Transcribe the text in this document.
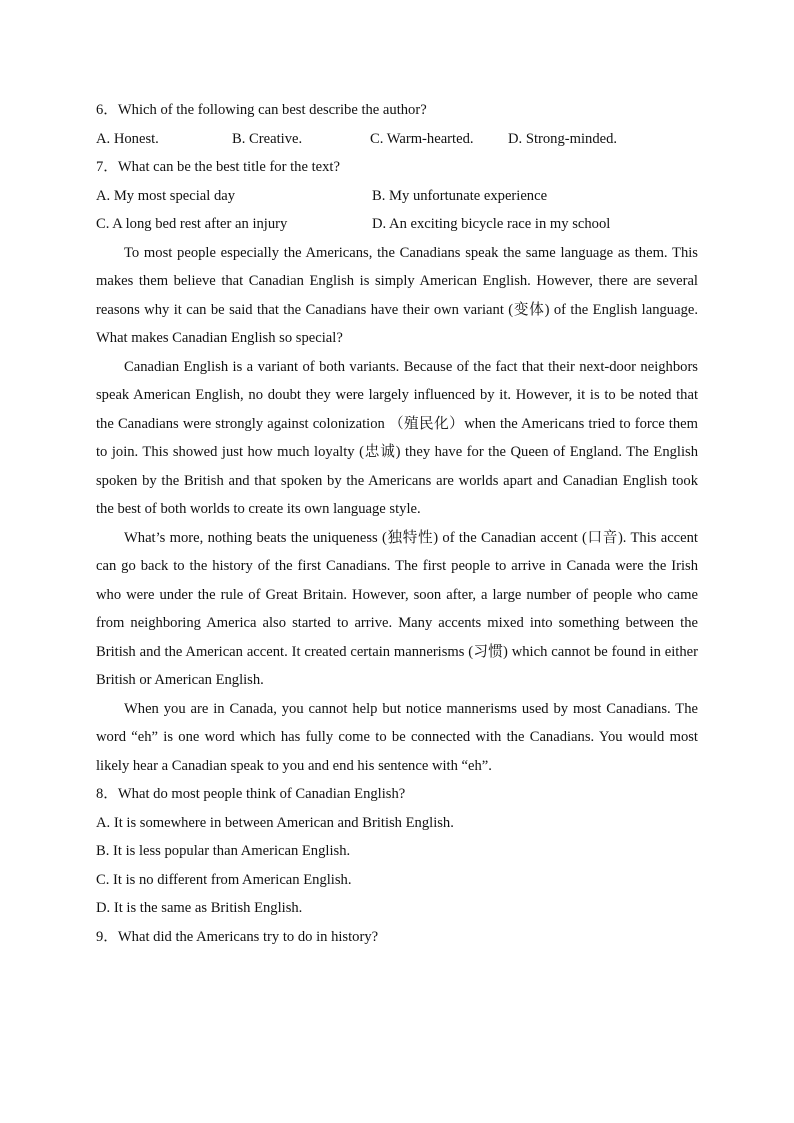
6．Which of the following can best describe the author?
A. Honest.	B. Creative.	C. Warm-hearted.	D. Strong-minded.
7．What can be the best title for the text?
A. My most special day	B. My unfortunate experience
C. A long bed rest after an injury	D. An exciting bicycle race in my school

To most people especially the Americans, the Canadians speak the same language as them. This makes them believe that Canadian English is simply American English. However, there are several reasons why it can be said that the Canadians have their own variant (变体) of the English language. What makes Canadian English so special?

Canadian English is a variant of both variants. Because of the fact that their next-door neighbors speak American English, no doubt they were largely influenced by it. However, it is to be noted that the Canadians were strongly against colonization （殖民化）when the Americans tried to force them to join. This showed just how much loyalty (忠诚) they have for the Queen of England. The English spoken by the British and that spoken by the Americans are worlds apart and Canadian English took the best of both worlds to create its own language style.

What’s more, nothing beats the uniqueness (独特性) of the Canadian accent (口音). This accent can go back to the history of the first Canadians. The first people to arrive in Canada were the Irish who were under the rule of Great Britain. However, soon after, a large number of people who came from neighboring America also started to arrive. Many accents mixed into something between the British and the American accent. It created certain mannerisms (习惯) which cannot be found in either British or American English.

When you are in Canada, you cannot help but notice mannerisms used by most Canadians. The word “eh” is one word which has fully come to be connected with the Canadians. You would most likely hear a Canadian speak to you and end his sentence with “eh”.

8．What do most people think of Canadian English?
A. It is somewhere in between American and British English.
B. It is less popular than American English.
C. It is no different from American English.
D. It is the same as British English.
9．What did the Americans try to do in history?
